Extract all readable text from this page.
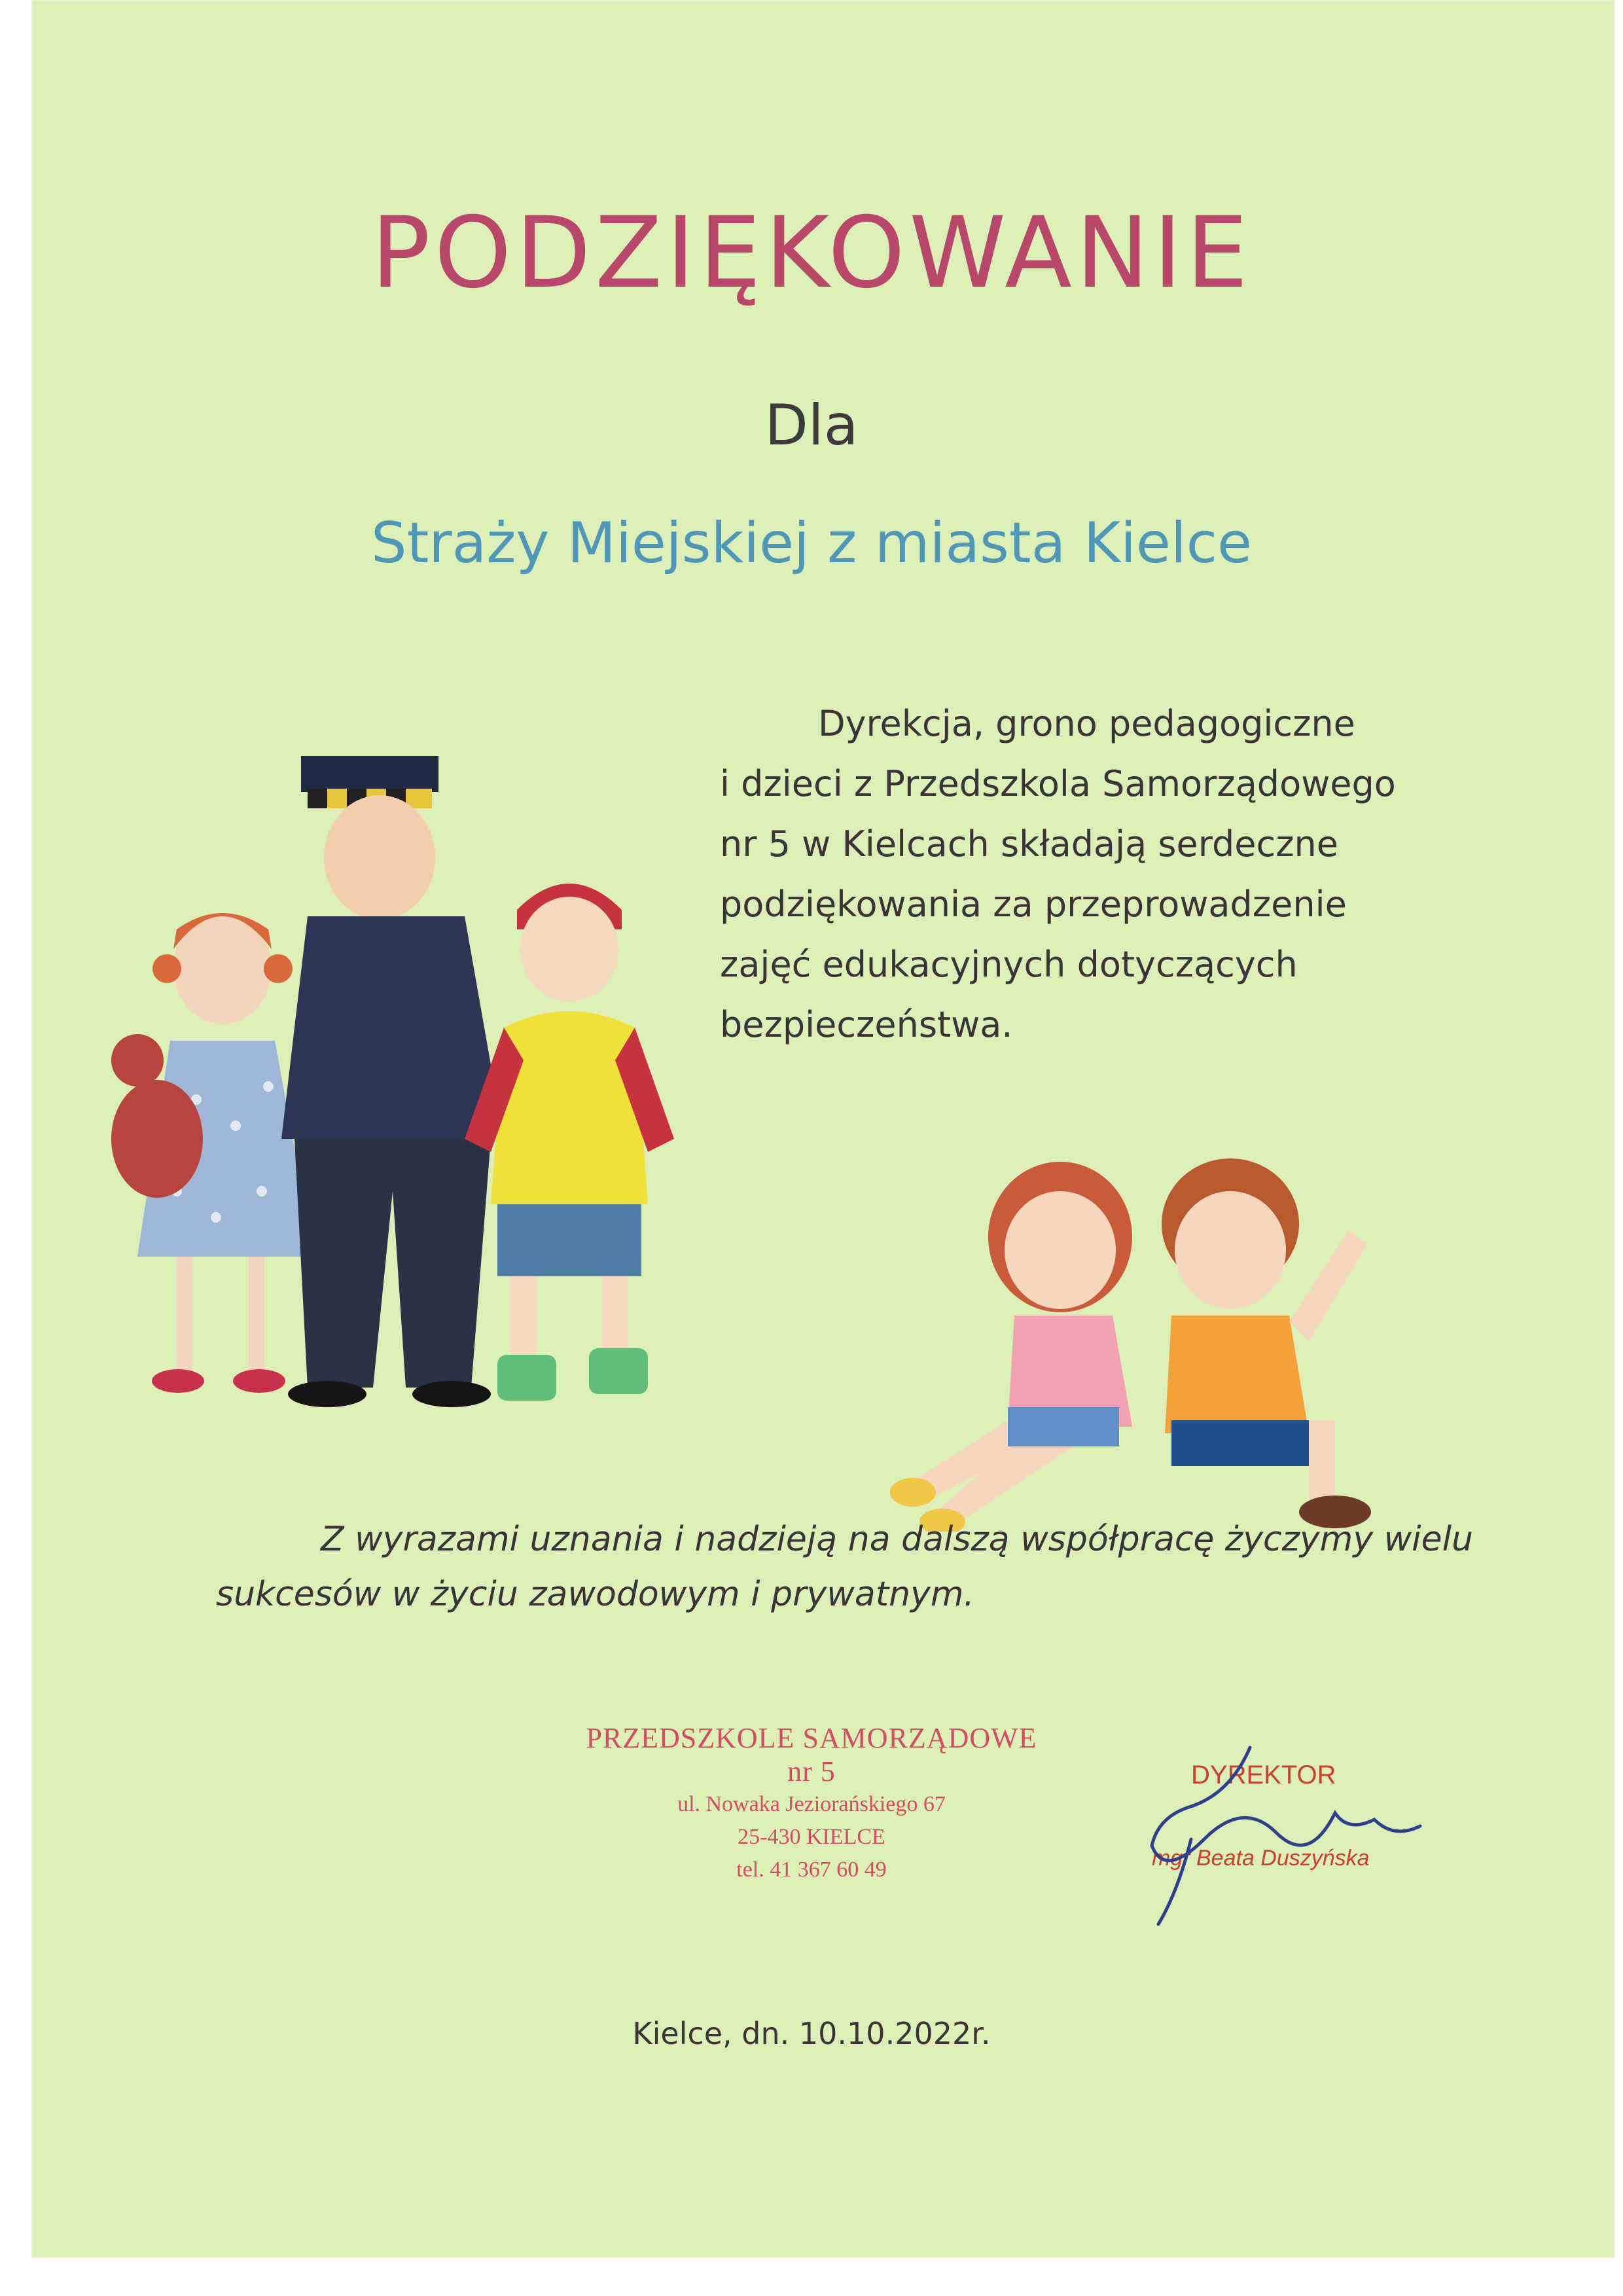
PODZIĘKOWANIE
Dla
Straży Miejskiej z miasta Kielce
Dyrekcja, grono pedagogiczne
i dzieci z Przedszkola Samorządowego
nr 5 w Kielcach składają serdeczne
podziękowania za przeprowadzenie
zajęć edukacyjnych dotyczących
bezpieczeństwa.
Z wyrazami uznania i nadzieją na dalszą współpracę życzymy wielu
sukcesów w życiu zawodowym i prywatnym.
PRZEDSZKOLE SAMORZĄDOWE nr 5
ul. Nowaka Jeziorańskiego 67
25-430 KIELCE
tel. 41 367 60 49
DYREKTOR
mgr Beata Duszyńska
Kielce, dn. 10.10.2022r.
